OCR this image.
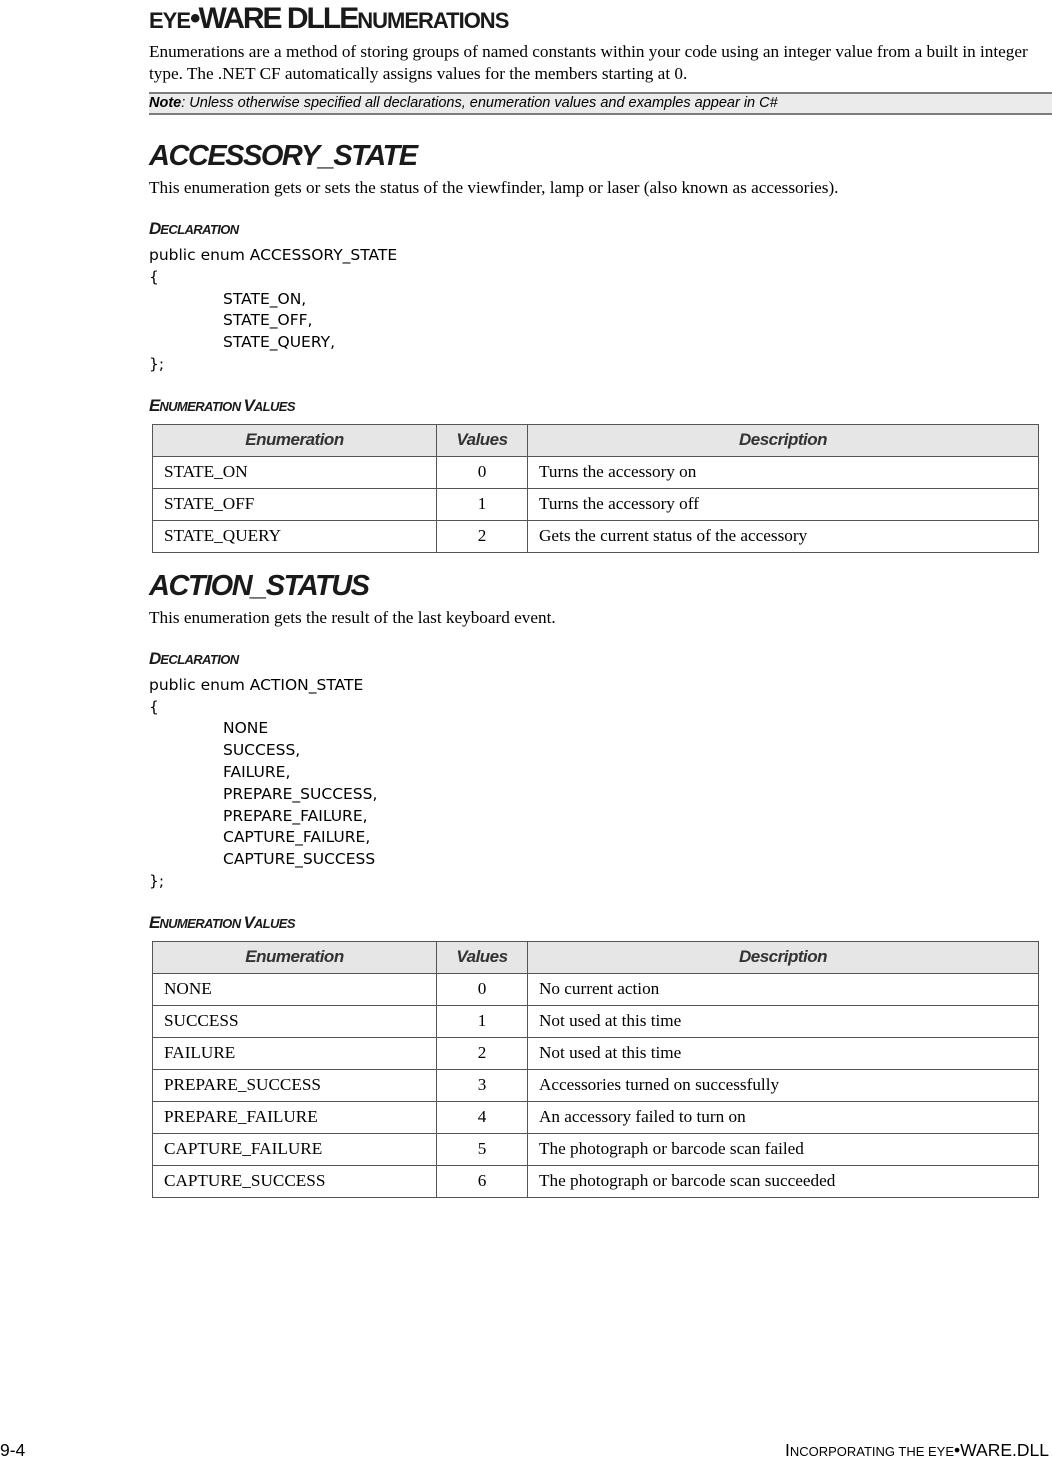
EYE•WARE DLLENUMERATIONS

Enumerations are a method of storing groups of named constants within your code using an integer value from a built in integer type. The .NET CF automatically assigns values for the members starting at 0.

Note: Unless otherwise specified all declarations, enumeration values and examples appear in C#
ACCESSORY_STATE

This enumeration gets or sets the status of the viewfinder, lamp or laser (also known as accessories).

DECLARATION
public enum ACCESSORY_STATE
{
STATE_ON,
STATE_OFF,
STATE_QUERY,
};
ENUMERATION VALUES
Enumeration	Values	Description
STATE_ON	0	Turns the accessory on
STATE_OFF	1	Turns the accessory off
STATE_QUERY	2	Gets the current status of the accessory
ACTION_STATUS

This enumeration gets the result of the last keyboard event.

DECLARATION
public enum ACTION_STATE
{
NONE
SUCCESS,
FAILURE,
PREPARE_SUCCESS,
PREPARE_FAILURE,
CAPTURE_FAILURE,
CAPTURE_SUCCESS
};
ENUMERATION VALUES
Enumeration	Values	Description
NONE	0	No current action
SUCCESS	1	Not used at this time
FAILURE	2	Not used at this time
PREPARE_SUCCESS	3	Accessories turned on successfully
PREPARE_FAILURE	4	An accessory failed to turn on
CAPTURE_FAILURE	5	The photograph or barcode scan failed
CAPTURE_SUCCESS	6	The photograph or barcode scan succeeded
9-4	INCORPORATING THE EYE•WARE.DLL
